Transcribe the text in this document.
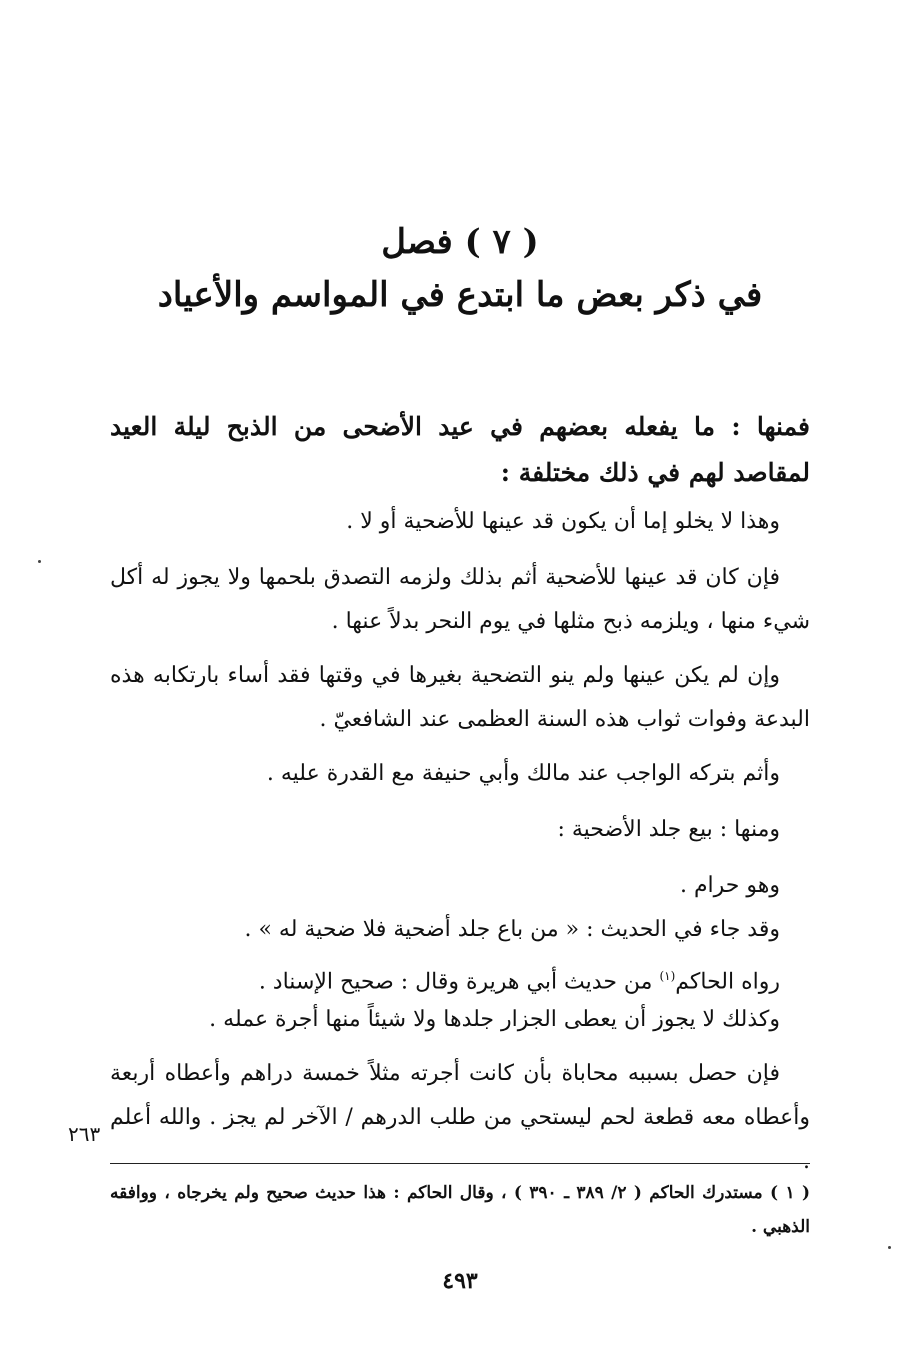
( ٧ ) فصل
في ذكر بعض ما ابتدع في المواسم والأعياد
فمنها : ما يفعله بعضهم في عيد الأضحى من الذبح ليلة العيد لمقاصد لهم في ذلك مختلفة :
وهذا لا يخلو إما أن يكون قد عينها للأضحية أو لا .
فإن كان قد عينها للأضحية أثم بذلك ولزمه التصدق بلحمها ولا يجوز له أكل شيء منها ، ويلزمه ذبح مثلها في يوم النحر بدلاً عنها .
وإن لم يكن عينها ولم ينو التضحية بغيرها في وقتها فقد أساء بارتكابه هذه البدعة وفوات ثواب هذه السنة العظمى عند الشافعيّ .
وأثم بتركه الواجب عند مالك وأبي حنيفة مع القدرة عليه .
ومنها : بيع جلد الأضحية :
وهو حرام .
وقد جاء في الحديث : « من باع جلد أضحية فلا ضحية له » .
رواه الحاكم$^{(١)}$ من حديث أبي هريرة وقال : صحيح الإسناد .
وكذلك لا يجوز أن يعطى الجزار جلدها ولا شيئاً منها أجرة عمله .
فإن حصل بسببه محاباة بأن كانت أجرته مثلاً خمسة دراهم وأعطاه أربعة وأعطاه معه قطعة لحم ليستحي من طلب الدرهم / الآخر لم يجز . والله أعلم .
٢٦٣
( ١ ) مستدرك الحاكم ( ٢/ ٣٨٩ ـ ٣٩٠ ) ، وقال الحاكم : هذا حديث صحيح ولم يخرجاه ، ووافقه الذهبي .
٤٩٣
